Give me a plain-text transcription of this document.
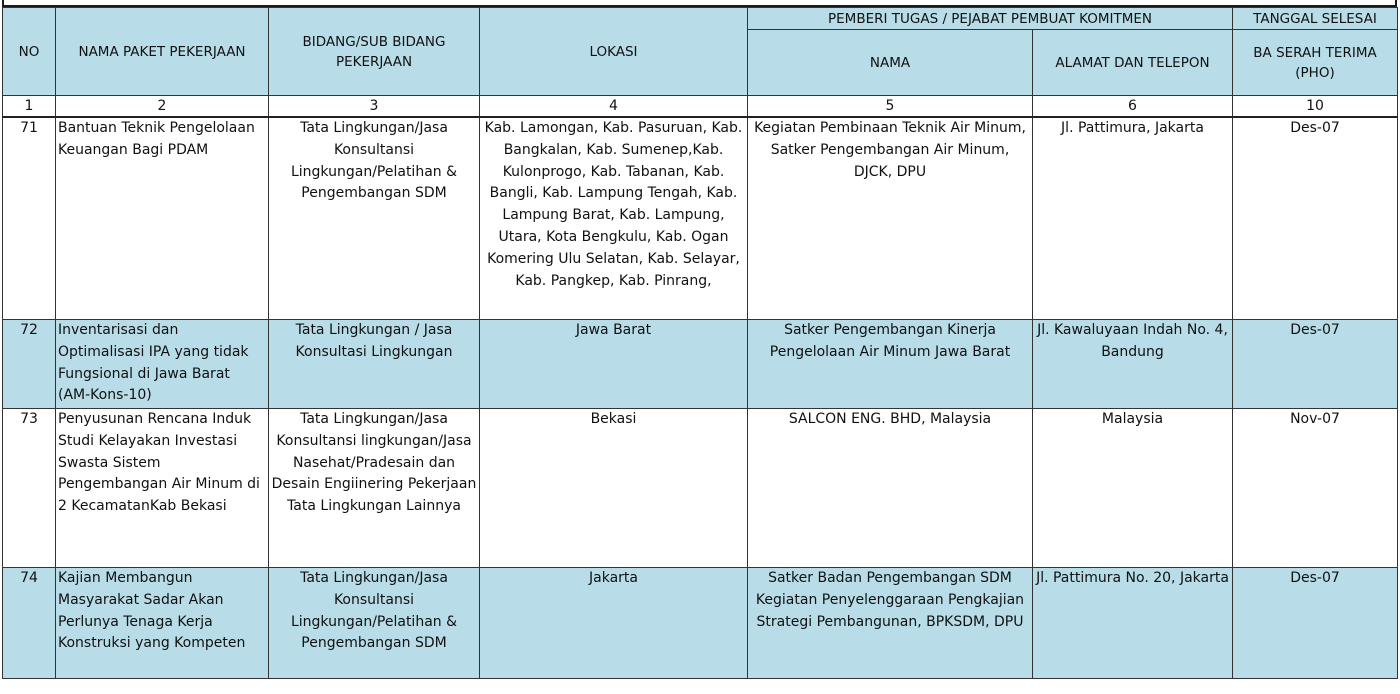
NO	NAMA PAKET PEKERJAAN	BIDANG/SUB BIDANG PEKERJAAN	LOKASI	PEMBERI TUGAS / PEJABAT PEMBUAT KOMITMEN		TANGGAL SELESAI
				NAMA	ALAMAT DAN TELEPON	BA SERAH TERIMA (PHO)
1	2	3	4	5	6	10
71	Bantuan Teknik Pengelolaan Keuangan Bagi PDAM	Tata Lingkungan/Jasa Konsultansi Lingkungan/Pelatihan & Pengembangan SDM	Kab. Lamongan, Kab. Pasuruan, Kab. Bangkalan, Kab. Sumenep,Kab. Kulonprogo, Kab. Tabanan, Kab. Bangli, Kab. Lampung Tengah, Kab. Lampung Barat, Kab. Lampung, Utara, Kota Bengkulu, Kab. Ogan Komering Ulu Selatan, Kab. Selayar, Kab. Pangkep, Kab. Pinrang,	Kegiatan Pembinaan Teknik Air Minum, Satker Pengembangan Air Minum, DJCK, DPU	Jl. Pattimura, Jakarta	Des-07
72	Inventarisasi dan Optimalisasi IPA yang tidak Fungsional di Jawa Barat (AM-Kons-10)	Tata Lingkungan / Jasa Konsultasi Lingkungan	Jawa Barat	Satker Pengembangan Kinerja Pengelolaan Air Minum Jawa Barat	Jl. Kawaluyaan Indah No. 4, Bandung	Des-07
73	Penyusunan Rencana Induk Studi Kelayakan Investasi Swasta Sistem Pengembangan Air Minum di 2 KecamatanKab Bekasi	Tata Lingkungan/Jasa Konsultansi lingkungan/Jasa Nasehat/Pradesain dan Desain Engiinering Pekerjaan Tata Lingkungan Lainnya	Bekasi	SALCON ENG. BHD, Malaysia	Malaysia	Nov-07
74	Kajian Membangun Masyarakat Sadar Akan Perlunya Tenaga Kerja Konstruksi yang Kompeten	Tata Lingkungan/Jasa Konsultansi Lingkungan/Pelatihan & Pengembangan SDM	Jakarta	Satker Badan Pengembangan SDM Kegiatan Penyelenggaraan Pengkajian Strategi Pembangunan, BPKSDM, DPU	Jl. Pattimura No. 20, Jakarta	Des-07
